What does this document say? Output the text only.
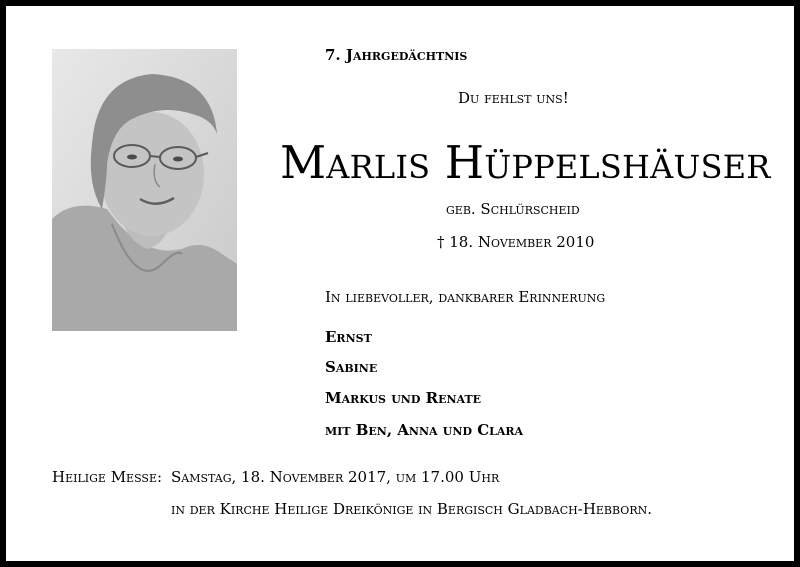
7. Jahrgedächtnis
Du fehlst uns!
Marlis Hüppelshäuser
geb. Schlürscheid
† 18. November 2010
In liebevoller, dankbarer Erinnerung
Ernst
Sabine
Markus und Renate
mit Ben, Anna und Clara
Heilige Messe: Samstag, 18. November 2017, um 17.00 Uhr
in der Kirche Heilige Dreikönige in Bergisch Gladbach-Hebborn.
